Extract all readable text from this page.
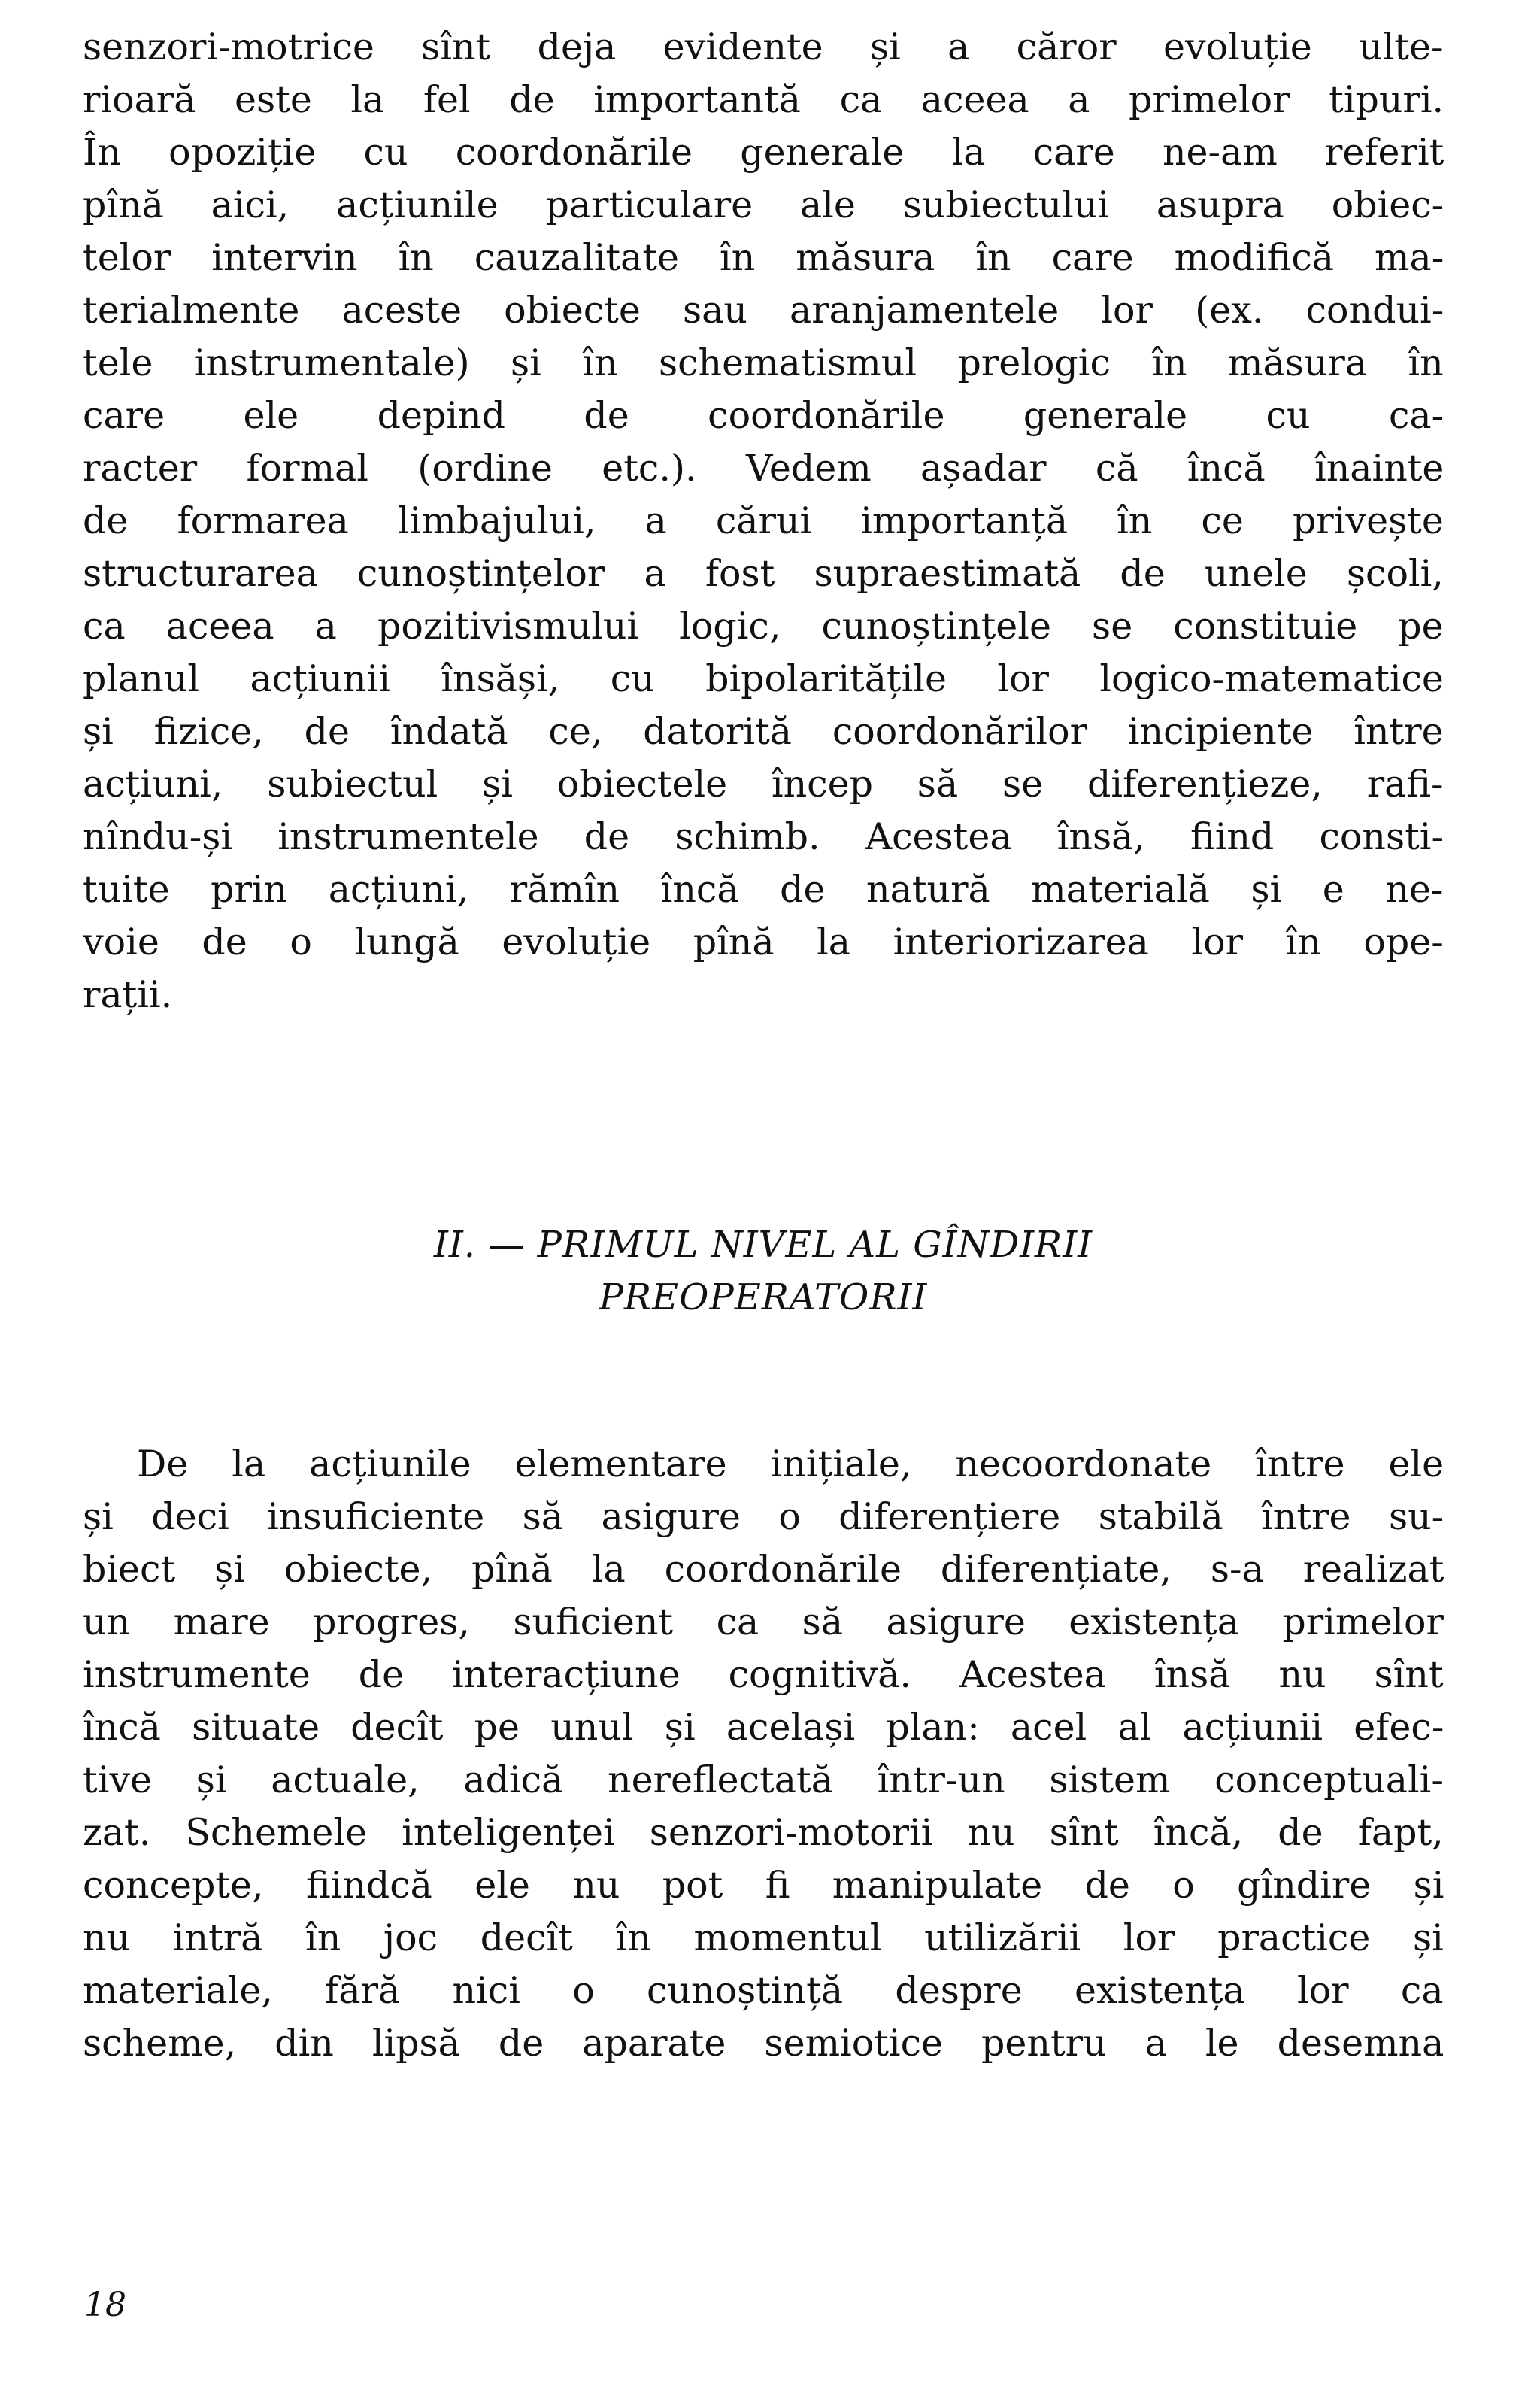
senzori-motrice sînt deja evidente și a căror evoluție ulte-
rioară este la fel de importantă ca aceea a primelor tipuri.
În opoziție cu coordonările generale la care ne-am referit
pînă aici, acțiunile particulare ale subiectului asupra obiec-
telor intervin în cauzalitate în măsura în care modifică ma-
terialmente aceste obiecte sau aranjamentele lor (ex. condui-
tele instrumentale) și în schematismul prelogic în măsura în
care ele depind de coordonările generale cu ca-
racter formal (ordine etc.). Vedem așadar că încă înainte
de formarea limbajului, a cărui importanță în ce privește
structurarea cunoștințelor a fost supraestimată de unele școli,
ca aceea a pozitivismului logic, cunoștințele se constituie pe
planul acțiunii însăși, cu bipolaritățile lor logico-matematice
și fizice, de îndată ce, datorită coordonărilor incipiente între
acțiuni, subiectul și obiectele încep să se diferențieze, rafi-
nîndu-și instrumentele de schimb. Acestea însă, fiind consti-
tuite prin acțiuni, rămîn încă de natură materială și e ne-
voie de o lungă evoluție pînă la interiorizarea lor în ope-
rații.
II. — PRIMUL NIVEL AL GÎNDIRII
PREOPERATORII
De la acțiunile elementare inițiale, necoordonate între ele
și deci insuficiente să asigure o diferențiere stabilă între su-
biect și obiecte, pînă la coordonările diferențiate, s-a realizat
un mare progres, suficient ca să asigure existența primelor
instrumente de interacțiune cognitivă. Acestea însă nu sînt
încă situate decît pe unul și același plan: acel al acțiunii efec-
tive și actuale, adică nereflectată într-un sistem conceptuali-
zat. Schemele inteligenței senzori-motorii nu sînt încă, de fapt,
concepte, fiindcă ele nu pot fi manipulate de o gîndire și
nu intră în joc decît în momentul utilizării lor practice și
materiale, fără nici o cunoștință despre existența lor ca
scheme, din lipsă de aparate semiotice pentru a le desemna
18
